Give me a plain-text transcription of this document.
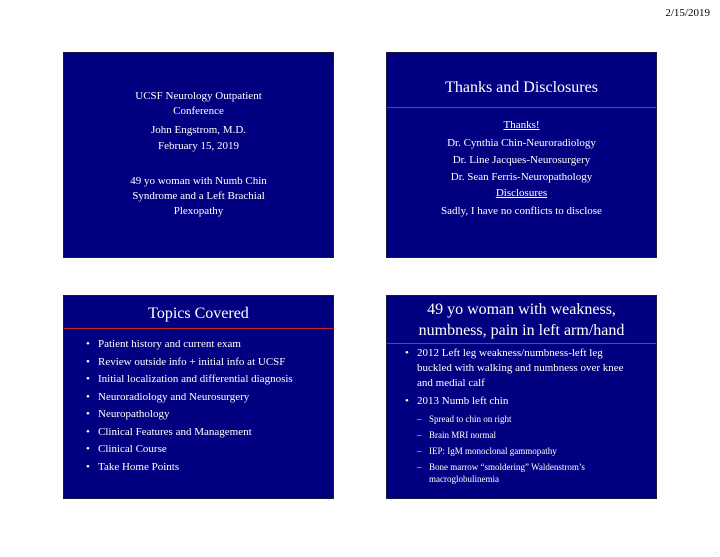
2/15/2019
UCSF Neurology Outpatient
Conference
John Engstrom, M.D.
February 15, 2019
49 yo woman with Numb Chin
Syndrome and a Left Brachial
Plexopathy
Thanks and Disclosures
Thanks!
Dr. Cynthia Chin-Neuroradiology
Dr. Line Jacques-Neurosurgery
Dr. Sean Ferris-Neuropathology
Disclosures
Sadly, I have no conflicts to disclose
Topics Covered
• Patient history and current exam
• Review outside info + initial info at UCSF
• Initial localization and differential diagnosis
• Neuroradiology and Neurosurgery
• Neuropathology
• Clinical Features and Management
• Clinical Course
• Take Home Points
49 yo woman with weakness,
numbness, pain in left arm/hand
• 2012 Left leg weakness/numbness-left leg buckled with walking and numbness over knee and medial calf
• 2013 Numb left chin
– Spread to chin on right
– Brain MRI normal
– IEP: IgM monoclonal gammopathy
– Bone marrow “smoldering” Waldenstrom’s macroglobulinemia
.
